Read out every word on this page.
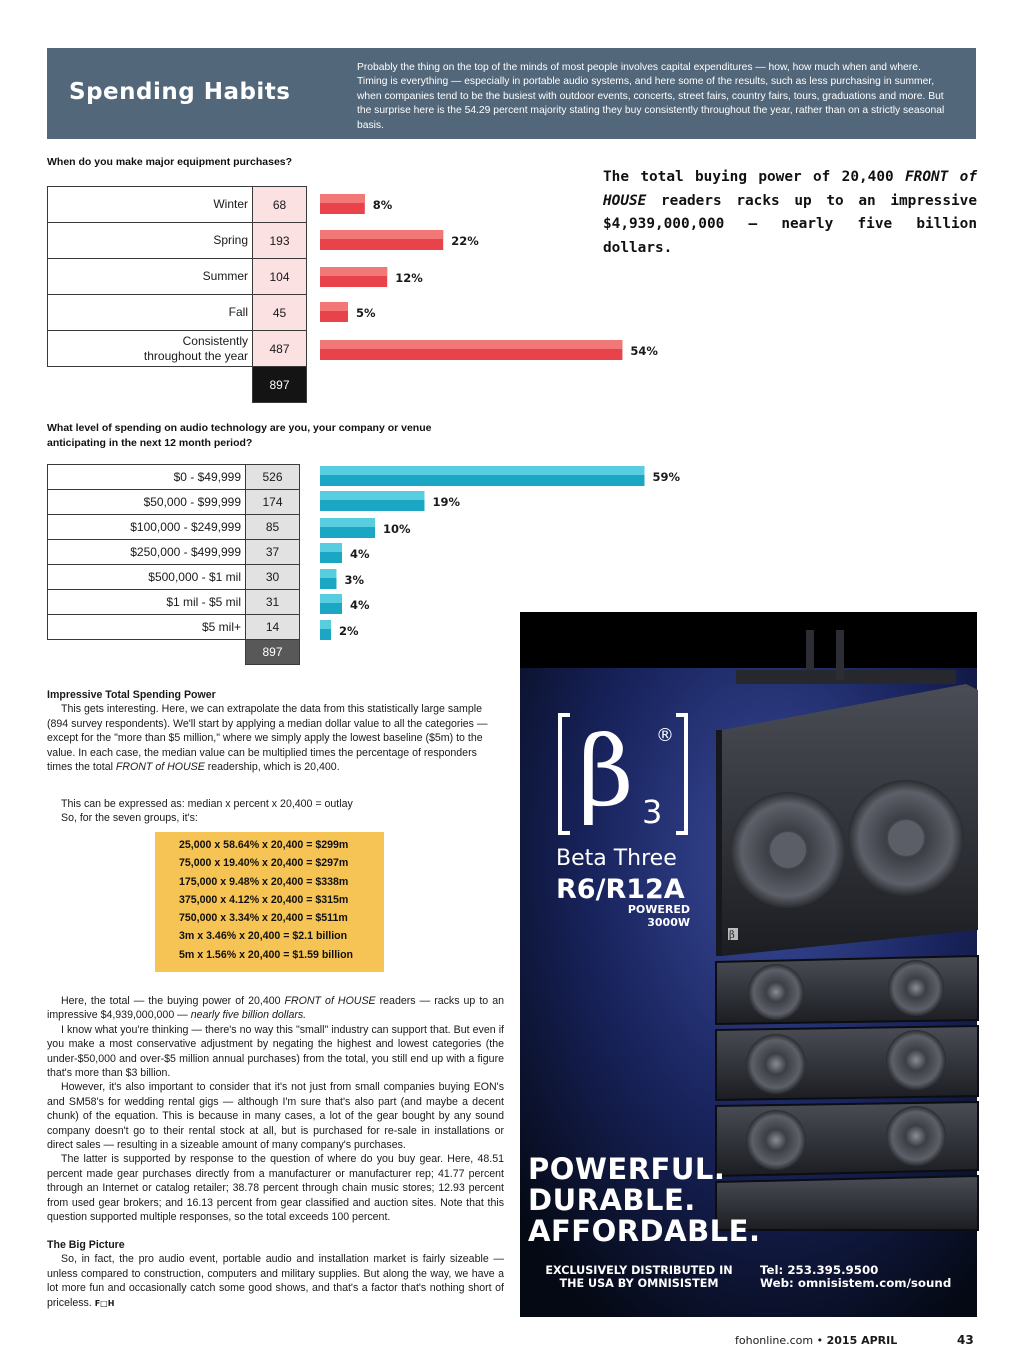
Spending Habits
Probably the thing on the top of the minds of most people involves capital expenditures — how, how much when and where. Timing is everything — especially in portable audio systems, and here some of the results, such as less purchasing in summer, when companies tend to be the busiest with outdoor events, concerts, street fairs, country fairs, tours, graduations and more. But the surprise here is the 54.29 percent majority stating they buy consistently throughout the year, rather than on a strictly seasonal basis.
When do you make major equipment purchases?
Winter	68
Spring	193
Summer	104
Fall	45
Consistently
throughout the year	487
	897
8%
22%
12%
5%
54%
The total buying power of 20,400 FRONT of HOUSE readers racks up to an impressive $4,939,000,000 — nearly five billion dollars.
What level of spending on audio technology are you, your company or venue
anticipating in the next 12 month period?
$0 - $49,999	526
$50,000 - $99,999	174
$100,000 - $249,999	85
$250,000 - $499,999	37
$500,000 - $1 mil	30
$1 mil - $5 mil	31
$5 mil+	14
	897
59%
19%
10%
4%
3%
4%
2%
Impressive Total Spending Power

This gets interesting. Here, we can extrapolate the data from this statistically large sample (894 survey respondents). We'll start by applying a median dollar value to all the categories — except for the "more than $5 million," where we simply apply the lowest baseline ($5m) to the value. In each case, the median value can be multiplied times the percentage of responders times the total FRONT of HOUSE readership, which is 20,400.

This can be expressed as: median x percent x 20,400 = outlay
So, for the seven groups, it's:
25,000 x 58.64% x 20,400 = $299m
75,000 x 19.40% x 20,400 = $297m
175,000 x 9.48% x 20,400 = $338m
375,000 x 4.12% x 20,400 = $315m
750,000 x 3.34% x 20,400 = $511m
3m x 3.46% x 20,400 = $2.1 billion
5m x 1.56% x 20,400 = $1.59 billion

Here, the total — the buying power of 20,400 FRONT of HOUSE readers — racks up to an impressive $4,939,000,000 — nearly five billion dollars.

I know what you're thinking — there's no way this "small" industry can support that. But even if you make a most conservative adjustment by negating the highest and lowest categories (the under-$50,000 and over-$5 million annual purchases) from the total, you still end up with a figure that's more than $3 billion.

However, it's also important to consider that it's not just from small companies buying EON's and SM58's for wedding rental gigs — although I'm sure that's also part (and maybe a decent chunk) of the equation. This is because in many cases, a lot of the gear bought by any sound company doesn't go to their rental stock at all, but is purchased for re-sale in installations or direct sales — resulting in a sizeable amount of many company's purchases.

The latter is supported by response to the question of where do you buy gear. Here, 48.51 percent made gear purchases directly from a manufacturer or manufacturer rep; 41.77 percent through an Internet or catalog retailer; 38.78 percent through chain music stores; 12.93 percent from used gear brokers; and 16.13 percent from gear classified and auction sites. Note that this question supported multiple responses, so the total exceeds 100 percent.

The Big Picture

So, in fact, the pro audio event, portable audio and installation market is fairly sizeable — unless compared to construction, computers and military supplies. But along the way, we have a lot more fun and occasionally catch some good shows, and that's a factor that's nothing short of priceless. F□H

β 3
®
Beta Three
R6/R12A
POWERED
3000W
β
POWERFUL.
DURABLE.
AFFORDABLE.
EXCLUSIVELY DISTRIBUTED IN
THE USA BY OMNISISTEM
Tel: 253.395.9500
Web: omnisistem.com/sound
fohonline.com • 2015 APRIL	43
